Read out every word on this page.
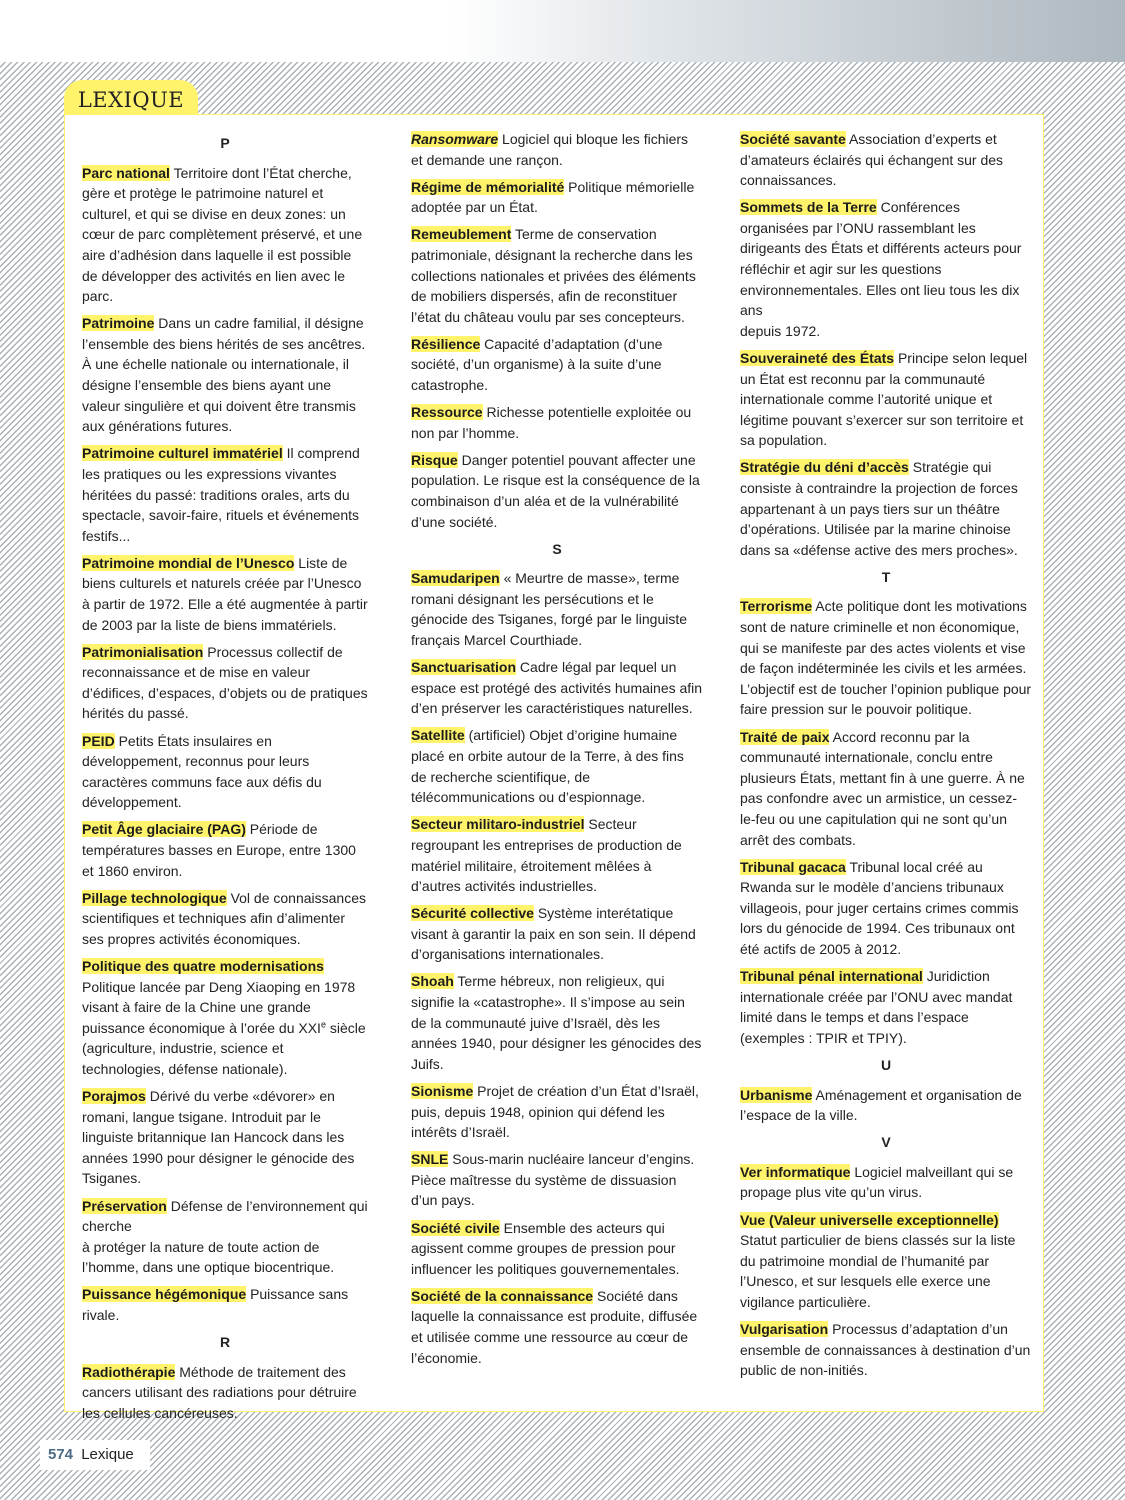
LEXIQUE
P
Parc national Territoire dont l’État cherche, gère et protège le patrimoine naturel et culturel, et qui se divise en deux zones: un cœur de parc complètement préservé, et une aire d’adhésion dans laquelle il est possible de développer des activités en lien avec le parc.
Patrimoine Dans un cadre familial, il désigne l’ensemble des biens hérités de ses ancêtres. À une échelle nationale ou internationale, il désigne l’ensemble des biens ayant une valeur singulière et qui doivent être transmis aux générations futures.
Patrimoine culturel immatériel Il comprend les pratiques ou les expressions vivantes héritées du passé: traditions orales, arts du spectacle, savoir-faire, rituels et événements festifs...
Patrimoine mondial de l’Unesco Liste de biens culturels et naturels créée par l’Unesco à partir de 1972. Elle a été augmentée à partir de 2003 par la liste de biens immatériels.
Patrimonialisation Processus collectif de reconnaissance et de mise en valeur d’édifices, d’espaces, d’objets ou de pratiques hérités du passé.
PEID Petits États insulaires en développement, reconnus pour leurs caractères communs face aux défis du développement.
Petit Âge glaciaire (PAG) Période de températures basses en Europe, entre 1300 et 1860 environ.
Pillage technologique Vol de connaissances scientifiques et techniques afin d’alimenter ses propres activités économiques.
Politique des quatre modernisations Politique lancée par Deng Xiaoping en 1978 visant à faire de la Chine une grande puissance économique à l’orée du XXIe siècle (agriculture, industrie, science et technologies, défense nationale).
Porajmos Dérivé du verbe «dévorer» en romani, langue tsigane. Introduit par le linguiste britannique Ian Hancock dans les années 1990 pour désigner le génocide des Tsiganes.
Préservation Défense de l’environnement qui cherche
à protéger la nature de toute action de l’homme, dans une optique biocentrique.
Puissance hégémonique Puissance sans rivale.
R
Radiothérapie Méthode de traitement des cancers utilisant des radiations pour détruire les cellules cancéreuses.
Ransomware Logiciel qui bloque les fichiers et demande une rançon.
Régime de mémorialité Politique mémorielle adoptée par un État.
Remeublement Terme de conservation patrimoniale, désignant la recherche dans les collections nationales et privées des éléments de mobiliers dispersés, afin de reconstituer l’état du château voulu par ses concepteurs.
Résilience Capacité d’adaptation (d’une société, d’un organisme) à la suite d’une catastrophe.
Ressource Richesse potentielle exploitée ou non par l’homme.
Risque Danger potentiel pouvant affecter une population. Le risque est la conséquence de la combinaison d’un aléa et de la vulnérabilité d’une société.
S
Samudaripen « Meurtre de masse», terme romani désignant les persécutions et le génocide des Tsiganes, forgé par le linguiste français Marcel Courthiade.
Sanctuarisation Cadre légal par lequel un espace est protégé des activités humaines afin d’en préserver les caractéristiques naturelles.
Satellite (artificiel) Objet d’origine humaine placé en orbite autour de la Terre, à des fins de recherche scientifique, de télécommunications ou d’espionnage.
Secteur militaro-industriel Secteur regroupant les entreprises de production de matériel militaire, étroitement mêlées à d’autres activités industrielles.
Sécurité collective Système interétatique visant à garantir la paix en son sein. Il dépend d’organisations internationales.
Shoah Terme hébreux, non religieux, qui signifie la «catastrophe». Il s’impose au sein de la communauté juive d’Israël, dès les années 1940, pour désigner les génocides des Juifs.
Sionisme Projet de création d’un État d’Israël, puis, depuis 1948, opinion qui défend les intérêts d’Israël.
SNLE Sous-marin nucléaire lanceur d’engins. Pièce maîtresse du système de dissuasion d’un pays.
Société civile Ensemble des acteurs qui agissent comme groupes de pression pour influencer les politiques gouvernementales.
Société de la connaissance Société dans laquelle la connaissance est produite, diffusée et utilisée comme une ressource au cœur de l’économie.
Société savante Association d’experts et d’amateurs éclairés qui échangent sur des connaissances.
Sommets de la Terre Conférences organisées par l’ONU rassemblant les dirigeants des États et différents acteurs pour réfléchir et agir sur les questions environnementales. Elles ont lieu tous les dix ans
depuis 1972.
Souveraineté des États Principe selon lequel un État est reconnu par la communauté internationale comme l’autorité unique et légitime pouvant s’exercer sur son territoire et sa population.
Stratégie du déni d’accès Stratégie qui consiste à contraindre la projection de forces appartenant à un pays tiers sur un théâtre d’opérations. Utilisée par la marine chinoise dans sa «défense active des mers proches».
T
Terrorisme Acte politique dont les motivations sont de nature criminelle et non économique, qui se manifeste par des actes violents et vise de façon indéterminée les civils et les armées. L’objectif est de toucher l’opinion publique pour faire pression sur le pouvoir politique.
Traité de paix Accord reconnu par la communauté internationale, conclu entre plusieurs États, mettant fin à une guerre. À ne pas confondre avec un armistice, un cessez-le-feu ou une capitulation qui ne sont qu’un arrêt des combats.
Tribunal gacaca Tribunal local créé au Rwanda sur le modèle d’anciens tribunaux villageois, pour juger certains crimes commis lors du génocide de 1994. Ces tribunaux ont été actifs de 2005 à 2012.
Tribunal pénal international Juridiction internationale créée par l’ONU avec mandat limité dans le temps et dans l’espace (exemples : TPIR et TPIY).
U
Urbanisme Aménagement et organisation de l’espace de la ville.
V
Ver informatique Logiciel malveillant qui se propage plus vite qu’un virus.
Vue (Valeur universelle exceptionnelle)
Statut particulier de biens classés sur la liste du patrimoine mondial de l’humanité par l’Unesco, et sur lesquels elle exerce une vigilance particulière.
Vulgarisation Processus d’adaptation d’un ensemble de connaissances à destination d’un public de non-initiés.
574 Lexique
